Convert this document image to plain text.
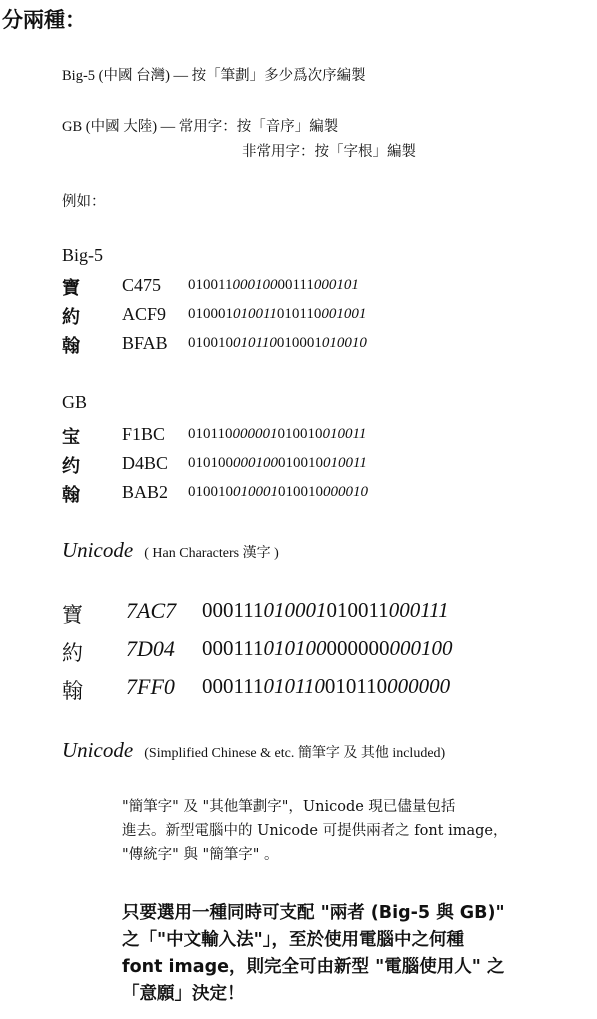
分兩種：
Big-5 (中國 台灣) — 按「筆劃」多少爲次序編製
GB (中國 大陸) — 常用字：按「音序」編製
非常用字：按「字根」編製
例如：
Big-5
寶 C475 01001100010000111000101
約 ACF9 010001010011010110001001
翰 BFAB 010010010110010001010010
GB
宝 F1BC 010110000001010010010011
约 D4BC 010100000100010010010011
翰 BAB2 010010010001010010000010
Unicode ( Han Characters 漢字 )
寶 7AC7 000111010001010011000111
約 7D04 000111010100000000000100
翰 7FF0 000111010110010110000000
Unicode (Simplified Chinese & etc. 簡筆字 及 其他 included)
"簡筆字" 及 "其他筆劃字"，Unicode 現已儘量包括
進去。新型電腦中的 Unicode 可提供兩者之 font image，
"傳統字" 與 "簡筆字" 。
只要選用一種同時可支配 "兩者 (Big-5 與 GB)"
之「"中文輸入法"」，至於使用電腦中之何種
font image，則完全可由新型 "電腦使用人" 之
「意願」決定！
